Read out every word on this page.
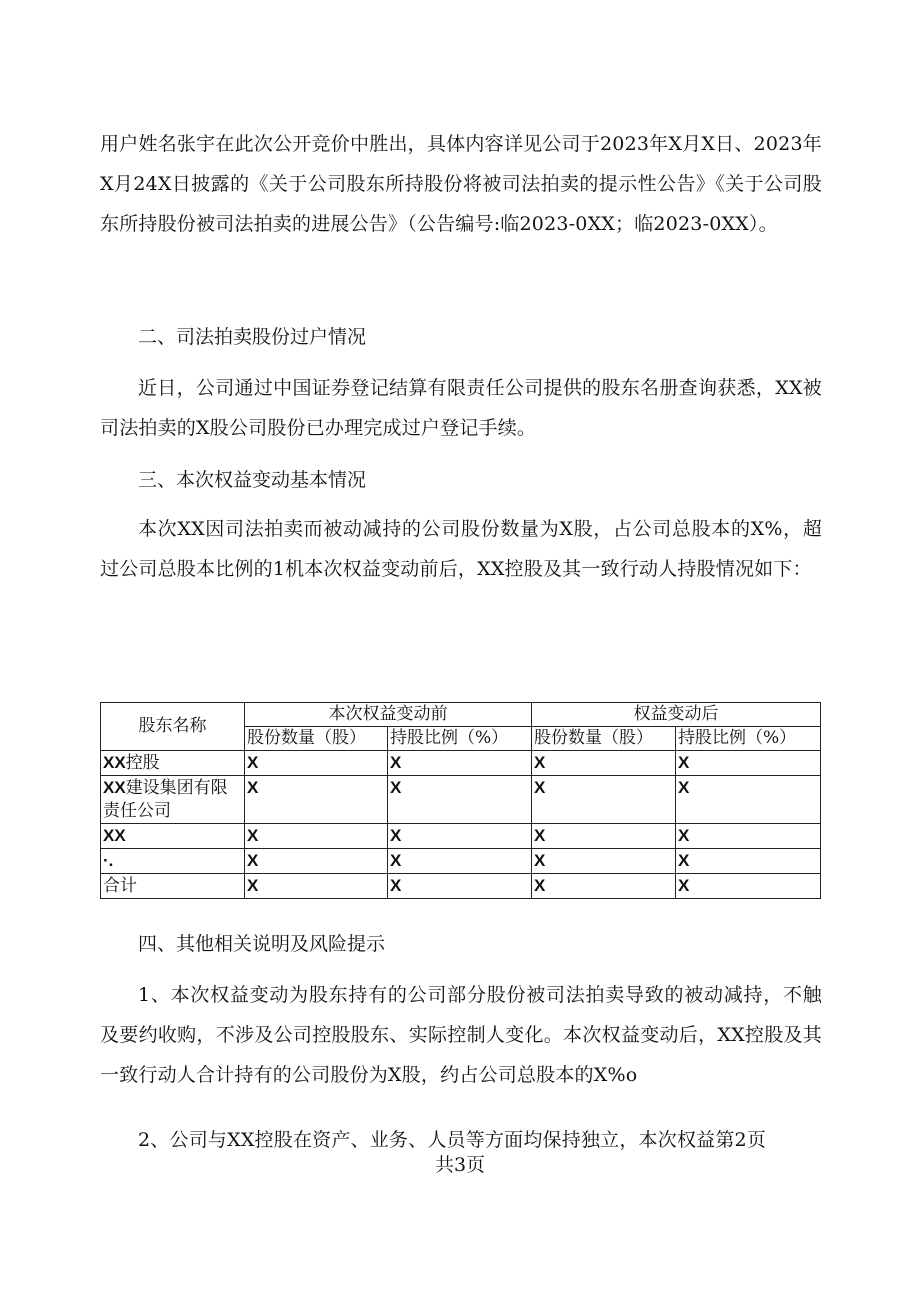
用户姓名张宇在此次公开竞价中胜出，具体内容详见公司于2023年X月X日、2023年X月24X日披露的《关于公司股东所持股份将被司法拍卖的提示性公告》《关于公司股东所持股份被司法拍卖的进展公告》（公告编号:临2023-0XX；临2023-0XX）。

二、司法拍卖股份过户情况

近日，公司通过中国证券登记结算有限责任公司提供的股东名册查询获悉，XX被司法拍卖的X股公司股份已办理完成过户登记手续。

三、本次权益变动基本情况

本次XX因司法拍卖而被动减持的公司股份数量为X股，占公司总股本的X%，超过公司总股本比例的1机本次权益变动前后，XX控股及其一致行动人持股情况如下：

股东名称	本次权益变动前		权益变动后	
	股份数量（股）	持股比例（%）	股份数量（股）	持股比例（%）
XX控股	X	X	X	X
XX建设集团有限责任公司	X	X	X	X
XX	X	X	X	X
·.	X	X	X	X
合计	X	X	X	X

四、其他相关说明及风险提示

1、本次权益变动为股东持有的公司部分股份被司法拍卖导致的被动减持，不触及要约收购，不涉及公司控股股东、实际控制人变化。本次权益变动后，XX控股及其一致行动人合计持有的公司股份为X股，约占公司总股本的X%o

2、公司与XX控股在资产、业务、人员等方面均保持独立，本次权益第2页

共3页
